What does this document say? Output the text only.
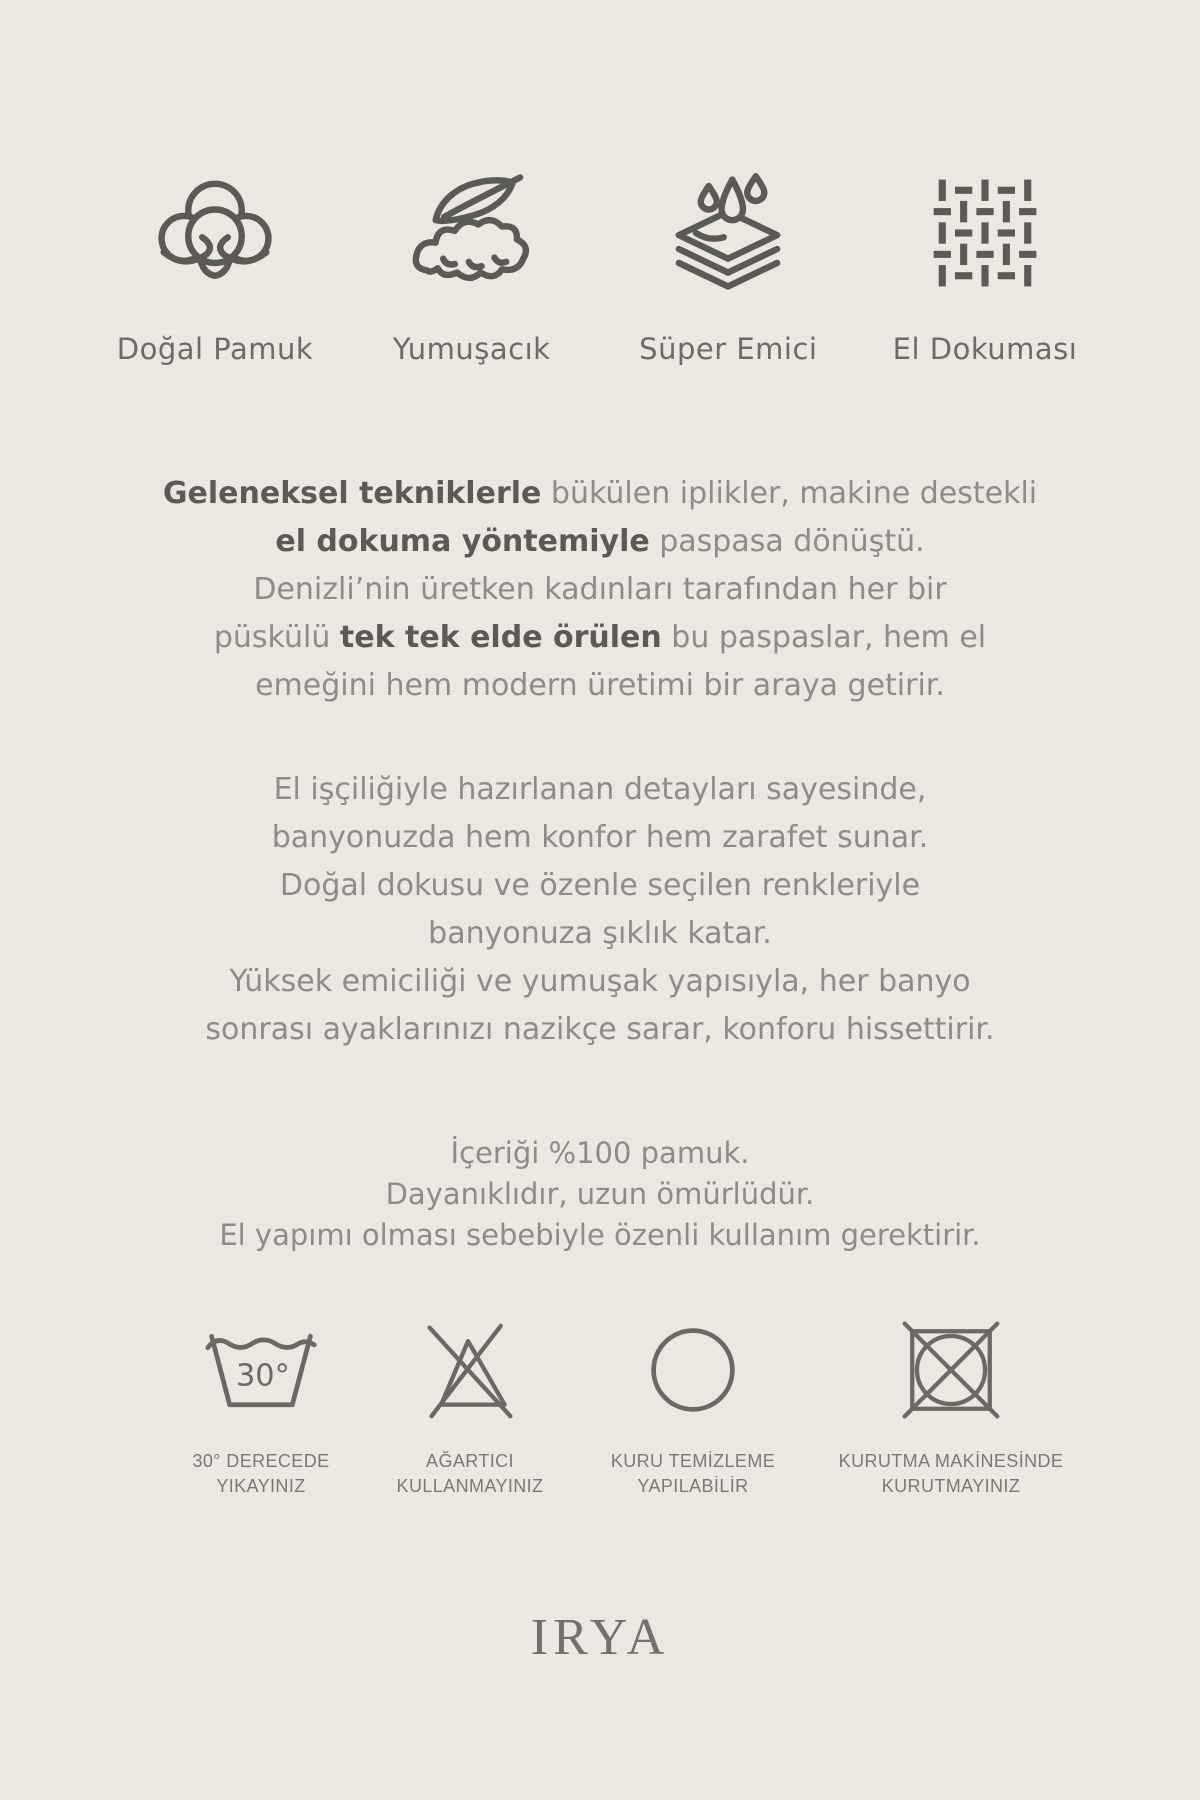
Doğal Pamuk	Yumuşacık	Süper Emici	El Dokuması
Geleneksel tekniklerle bükülen iplikler, makine destekli
el dokuma yöntemiyle paspasa dönüştü.
Denizli’nin üretken kadınları tarafından her bir
püskülü tek tek elde örülen bu paspaslar, hem el
emeğini hem modern üretimi bir araya getirir.
El işçiliğiyle hazırlanan detayları sayesinde,
banyonuzda hem konfor hem zarafet sunar.
Doğal dokusu ve özenle seçilen renkleriyle
banyonuza şıklık katar.
Yüksek emiciliği ve yumuşak yapısıyla, her banyo
sonrası ayaklarınızı nazikçe sarar, konforu hissettirir.
İçeriği %100 pamuk.
Dayanıklıdır, uzun ömürlüdür.
El yapımı olması sebebiyle özenli kullanım gerektirir.
30°
30° DERECEDE
YIKAYINIZ
AĞARTICI
KULLANMAYINIZ
KURU TEMİZLEME
YAPILABİLİR
KURUTMA MAKİNESİNDE
KURUTMAYINIZ
IRYA
